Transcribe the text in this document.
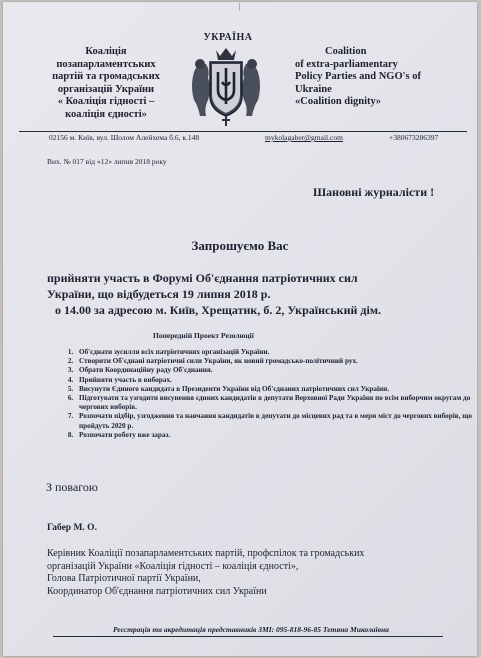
|
Коаліція
позапарламентських
партій та громадських
організацій України
« Коаліція гідності –
коаліція єдності»
УКРАЇНА
Coalition
of extra-parliamentary
Policy Parties and NGO's of
Ukraine
«Coalition dignity»
02156 м. Київ, вул. Шолом Алейхема б.6, к.148	mykolagaber@gmail.com	+380673286397
Вих. № 017 від «12» липня 2018 року
Шановні журналісти !
Запрошуємо Вас
прийняти участь в Форумі Об'єднання патріотичних сил
України, що відбудеться 19 липня 2018 р.
о 14.00 за адресою м. Київ, Хрещатик, б. 2, Український дім.
Попередній Проект Резолюції
1. Об'єднати зусилля всіх патріотичних організацій України.
2. Створити Об'єднані патріотичні сили України, як новий громадсько-політичний рух.
3. Обрати Координаційну раду Об'єднання.
4. Прийняти участь в виборах.
5. Висунути Єдиного кандидата в Президенти України від Об'єднаних патріотичних сил України.
6. Підготувати та узгодити висунення єдиних кандидатів в депутати Верховної Ради України по всім виборчим округам до чергових виборів.
7. Розпочати підбір, узгодження та навчання кандидатів в депутати до місцевих рад та в мери міст до чергових виборів, що пройдуть 2020 р.
8. Розпочати роботу вже зараз.
З повагою
Габер М. О.
Керівник Коаліції позапарламентських партій, профспілок та громадських
організацій України «Коаліція гідності – коаліція єдності»,
Голова Патріотичної партії України,
Координатор Об'єднання патріотичних сил України
Реєстрація та акредитація представників ЗМІ: 095-818-96-85 Тетяна Миколаївна
